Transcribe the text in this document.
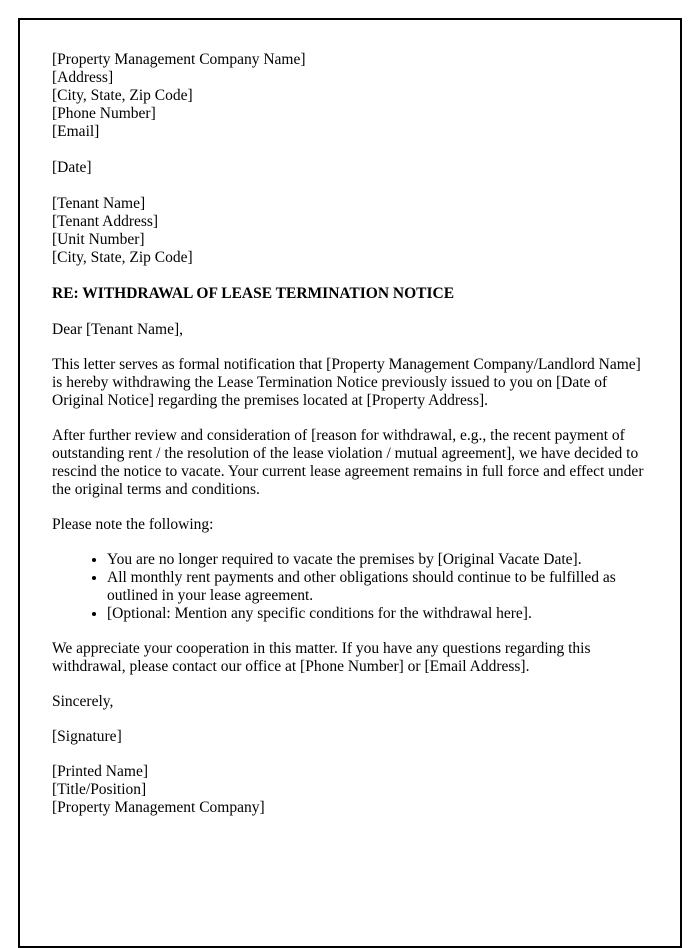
[Property Management Company Name]
[Address]
[City, State, Zip Code]
[Phone Number]
[Email]
[Date]
[Tenant Name]
[Tenant Address]
[Unit Number]
[City, State, Zip Code]
RE: WITHDRAWAL OF LEASE TERMINATION NOTICE
Dear [Tenant Name],
This letter serves as formal notification that [Property Management Company/Landlord Name] is hereby withdrawing the Lease Termination Notice previously issued to you on [Date of Original Notice] regarding the premises located at [Property Address].
After further review and consideration of [reason for withdrawal, e.g., the recent payment of outstanding rent / the resolution of the lease violation / mutual agreement], we have decided to rescind the notice to vacate. Your current lease agreement remains in full force and effect under the original terms and conditions.
Please note the following:
• You are no longer required to vacate the premises by [Original Vacate Date].
• All monthly rent payments and other obligations should continue to be fulfilled as outlined in your lease agreement.
• [Optional: Mention any specific conditions for the withdrawal here].
We appreciate your cooperation in this matter. If you have any questions regarding this withdrawal, please contact our office at [Phone Number] or [Email Address].
Sincerely,
[Signature]
[Printed Name]
[Title/Position]
[Property Management Company]
